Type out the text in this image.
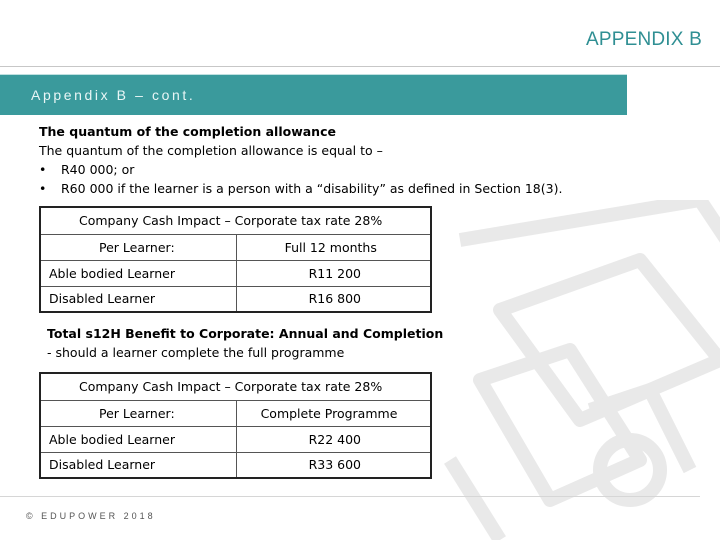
APPENDIX B
Appendix B – cont.
The quantum of the completion allowance
The quantum of the completion allowance is equal to –
• R40 000; or
• R60 000 if the learner is a person with a “disability” as defined in Section 18(3).
Company Cash Impact – Corporate tax rate 28%	
Per Learner:	Full 12 months
Able bodied Learner	R11 200
Disabled Learner	R16 800
Total s12H Benefit to Corporate: Annual and Completion
- should a learner complete the full programme
Company Cash Impact – Corporate tax rate 28%	
Per Learner:	Complete Programme
Able bodied Learner	R22 400
Disabled Learner	R33 600
© EDUPOWER 2018
